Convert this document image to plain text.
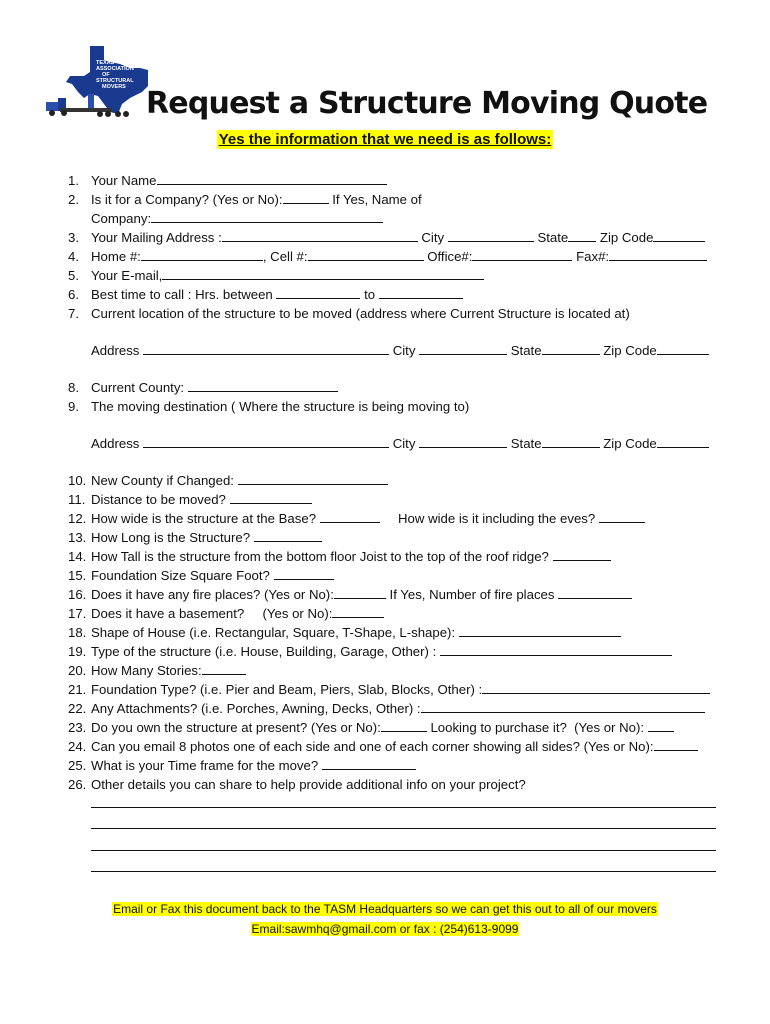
TEXAS
ASSOCIATION
OF
STRUCTURAL
MOVERS Request a Structure Moving Quote
Yes the information that we need is as follows:
1. Your Name
2. Is it for a Company? (Yes or No):	If Yes, Name of
Company:
3. Your Mailing Address :	City	State Zip Code
4. Home #:	, Cell #:	Office#:	Fax#:
5. Your E-mail,
6. Best time to call : Hrs. between	to
7. Current location of the structure to be moved (address where Current Structure is located at)
Address	City	State	Zip Code
8. Current County:
9. The moving destination ( Where the structure is being moving to)
Address	City	State	Zip Code
10. New County if Changed:
11. Distance to be moved?
12. How wide is the structure at the Base?	How wide is it including the eves?
13. How Long is the Structure?
14. How Tall is the structure from the bottom floor Joist to the top of the roof ridge?
15. Foundation Size Square Foot?
16. Does it have any fire places? (Yes or No):	If Yes, Number of fire places
17. Does it have a basement?     (Yes or No):
18. Shape of House (i.e. Rectangular, Square, T-Shape, L-shape):
19. Type of the structure (i.e. House, Building, Garage, Other) :
20. How Many Stories:
21. Foundation Type? (i.e. Pier and Beam, Piers, Slab, Blocks, Other) :
22. Any Attachments? (i.e. Porches, Awning, Decks, Other) :
23. Do you own the structure at present? (Yes or No):	Looking to purchase it?  (Yes or No):
24. Can you email 8 photos one of each side and one of each corner showing all sides? (Yes or No):
25. What is your Time frame for the move?
26. Other details you can share to help provide additional info on your project?
Email or Fax this document back to the TASM Headquarters so we can get this out to all of our movers
Email:sawmhq@gmail.com or fax : (254)613-9099
